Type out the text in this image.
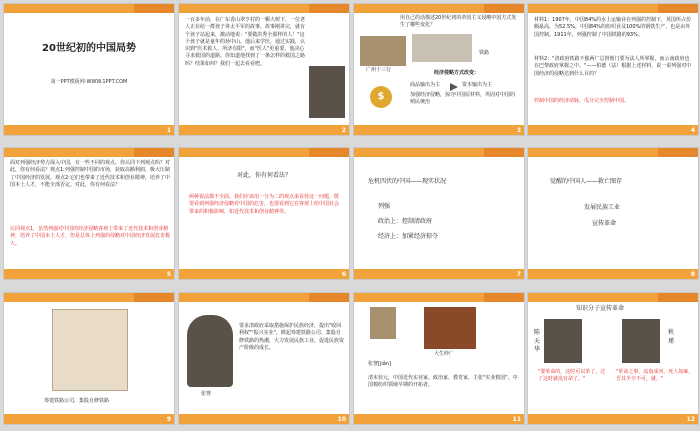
20世纪初的中国局势
第一PPT模板网-WWW.1PPT.COM
1
一百多年前，在广东香山翠亨村的一颗大树下，一位老人正在给一群孩子讲太平军的故事。故事刚讲完，就有个孩子站起来，激动地说："要做洪秀全那样的人！"这个孩子就是童年的孙中山。他后来学医，通过实践，认识到"医术救人，所济有限"，而"医人"更重要。他决心寻求救国的道路。你知道他找到了一条怎样的救国之路吗？结果如何？我们一起去看看吧。
2
用自己的话描述20世纪初的帝国主义侵略中国方式发生了哪些变化？
广州十三行
铁路
经济侵略方式改变：
$
商品输出为主	资本输出为主
加强经济侵略，掠夺中国原材料，巩固对中国的殖民统治
3
材料1：1907年，中国84%的水上运输业在列强的控制下，英国所占份额最高，为52.5%。中国84%的纺织业及100%的钢铁生产，也是由外国控制。1911年，列强控制了中国铁路的93%。
材料2："清政府铁路不独两广总督衙门要为法人所掌握，而云南政府也在巴黎政府掌握之中。"——柏德（法）根据上述材料，说一说列强对中国经济的侵略达到什么目的？
控制中国的经济命脉，瓜分完全控制中国。
4
面对列强经济势力深入中国，有一些不同的观点。你认同下列观点吗？对此，你有何看法？观点1:列强控制中国的市场，获取高额利润，极大压制了中国经济的发展。观点2:它们也带来了近代技术和创业精神，培养了中国本土人才，不能全部否定。对此，你有何看法？
认同观点1，虽然列强对中国的经济侵略客观上带来了近代技术和创业精神，培养了中国本土人才，但是总体上列强的侵略对中国经济发展危害极大。
5
对此，你有何看法？
两种说法都不全面。我们应该用一分为二的观点来看待这一问题，既要看到列强经济侵略对中国的危害，也要看到它在客观上给中国社会带来的积极影响，如近代技术和创业精神等。
6
危机四伏的中国——现实状况
列强
政治上：控制清政府
经济上：加紧经济掠夺
7
觉醒的中国人——救亡图存
发展民族工业
宣传革命
8
筹建铁路公司，集股自修铁路
9
张謇
要求清政府采取措施保护民族经济，提出"收回利权""振兴实业"，掀起筹建铁路公司、集股自修铁路的热潮，大力发展民族工业，促进民族资产阶级的成长。
10
大生纱厂
张謇[jiǎn]
清末状元，中国近代实业家、政治家、教育家，主张"实业救国"。中国棉纺织领域早期的开拓者。
11
知识分子宣传革命
陈天华
秋瑾
"要革命的，这时可以革了，过了这时就没有命了。"
"革命之事，流血成河，死人如麻，吾其半辛不可，就。"
12
